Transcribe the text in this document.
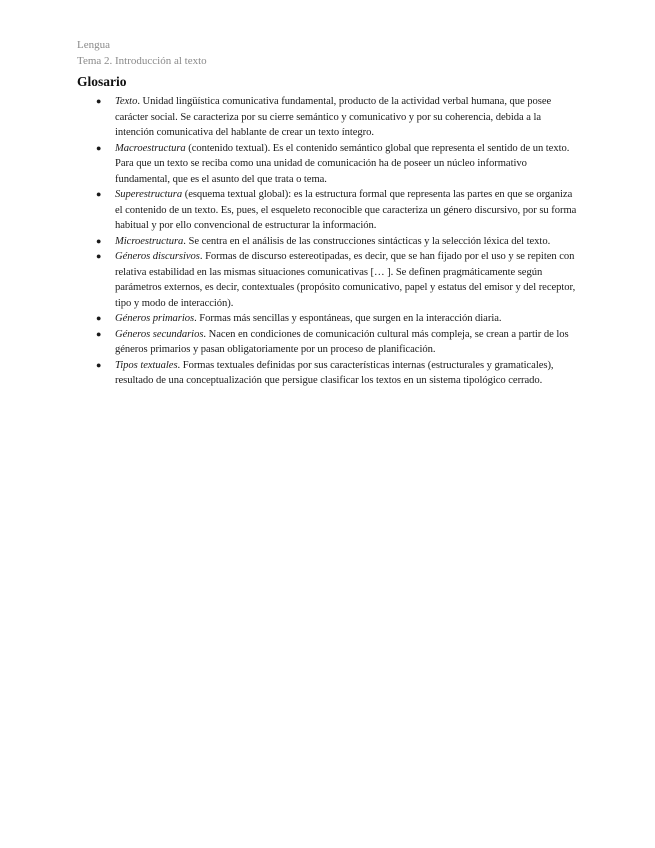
Lengua
Tema 2. Introducción al texto
Glosario
● Texto. Unidad lingüística comunicativa fundamental, producto de la actividad verbal humana, que posee carácter social. Se caracteriza por su cierre semántico y comunicativo y por su coherencia, debida a la intención comunicativa del hablante de crear un texto íntegro.
● Macroestructura (contenido textual). Es el contenido semántico global que representa el sentido de un texto. Para que un texto se reciba como una unidad de comunicación ha de poseer un núcleo informativo fundamental, que es el asunto del que trata o tema.
● Superestructura (esquema textual global): es la estructura formal que representa las partes en que se organiza el contenido de un texto. Es, pues, el esqueleto reconocible que caracteriza un género discursivo, por su forma habitual y por ello convencional de estructurar la información.
● Microestructura. Se centra en el análisis de las construcciones sintácticas y la selección léxica del texto.
● Géneros discursivos. Formas de discurso estereotipadas, es decir, que se han fijado por el uso y se repiten con relativa estabilidad en las mismas situaciones comunicativas [… ]. Se definen pragmáticamente según parámetros externos, es decir, contextuales (propósito comunicativo, papel y estatus del emisor y del receptor, tipo y modo de interacción).
● Géneros primarios. Formas más sencillas y espontáneas, que surgen en la interacción diaria.
● Géneros secundarios. Nacen en condiciones de comunicación cultural más compleja, se crean a partir de los géneros primarios y pasan obligatoriamente por un proceso de planificación.
● Tipos textuales. Formas textuales definidas por sus características internas (estructurales y gramaticales), resultado de una conceptualización que persigue clasificar los textos en un sistema tipológico cerrado.
